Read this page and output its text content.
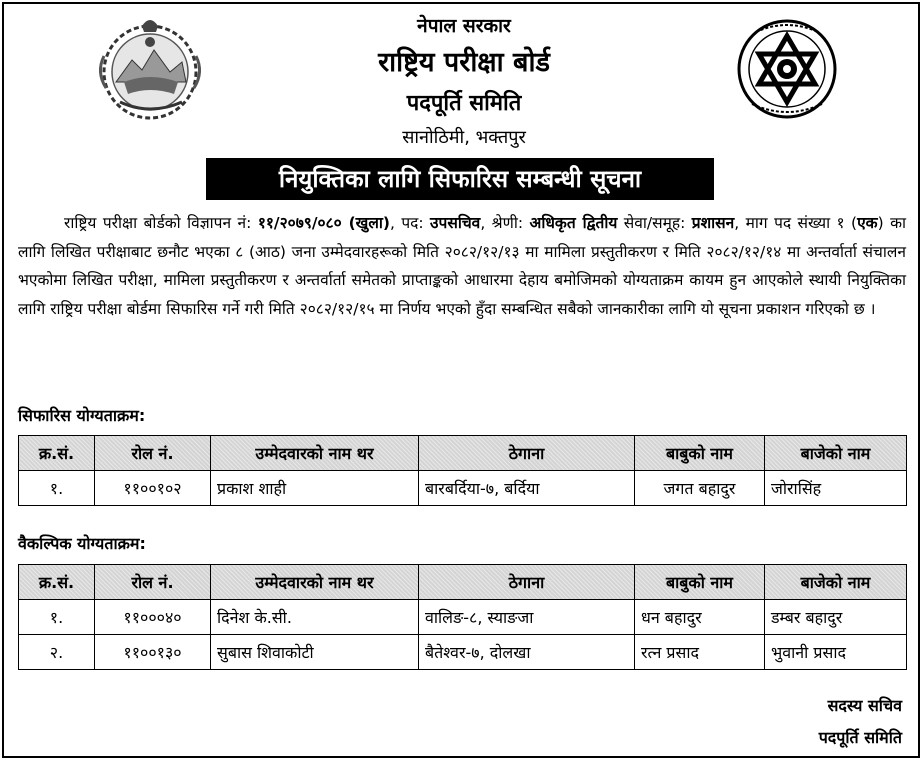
नेपाल सरकार
राष्ट्रिय परीक्षा बोर्ड
पदपूर्ति समिति
सानोठिमी, भक्तपुर
नियुक्तिका लागि सिफारिस सम्बन्धी सूचना
राष्ट्रिय परीक्षा बोर्डको विज्ञापन नं: ११/२०७९/०८० (खुला), पद: उपसचिव, श्रेणी: अधिकृत द्वितीय सेवा/समूह: प्रशासन, माग पद संख्या १ (एक) का लागि लिखित परीक्षाबाट छनौट भएका ८ (आठ) जना उम्मेदवारहरूको मिति २०८२/१२/१३ मा मामिला प्रस्तुतीकरण र मिति २०८२/१२/१४ मा अन्तर्वार्ता संचालन भएकोमा लिखित परीक्षा, मामिला प्रस्तुतीकरण र अन्तर्वार्ता समेतको प्राप्ताङ्कको आधारमा देहाय बमोजिमको योग्यताक्रम कायम हुन आएकोले स्थायी नियुक्तिका लागि राष्ट्रिय परीक्षा बोर्डमा सिफारिस गर्ने गरी मिति २०८२/१२/१५ मा निर्णय भएको हुँदा सम्बन्धित सबैको जानकारीका लागि यो सूचना प्रकाशन गरिएको छ ।
सिफारिस योग्यताक्रम:
क्र.सं.	रोल नं.	उम्मेदवारको नाम थर	ठेगाना	बाबुको नाम	बाजेको नाम
१.	११००१०२	प्रकाश शाही	बारबर्दिया-७, बर्दिया	जगत बहादुर	जोरासिंह
वैकल्पिक योग्यताक्रम:
क्र.सं.	रोल नं.	उम्मेदवारको नाम थर	ठेगाना	बाबुको नाम	बाजेको नाम
१.	११०००४०	दिनेश के.सी.	वालिङ-८, स्याङजा	धन बहादुर	डम्बर बहादुर
२.	११००१३०	सुबास शिवाकोटी	बैतेश्वर-७, दोलखा	रत्न प्रसाद	भुवानी प्रसाद
सदस्य सचिव
पदपूर्ति समिति
